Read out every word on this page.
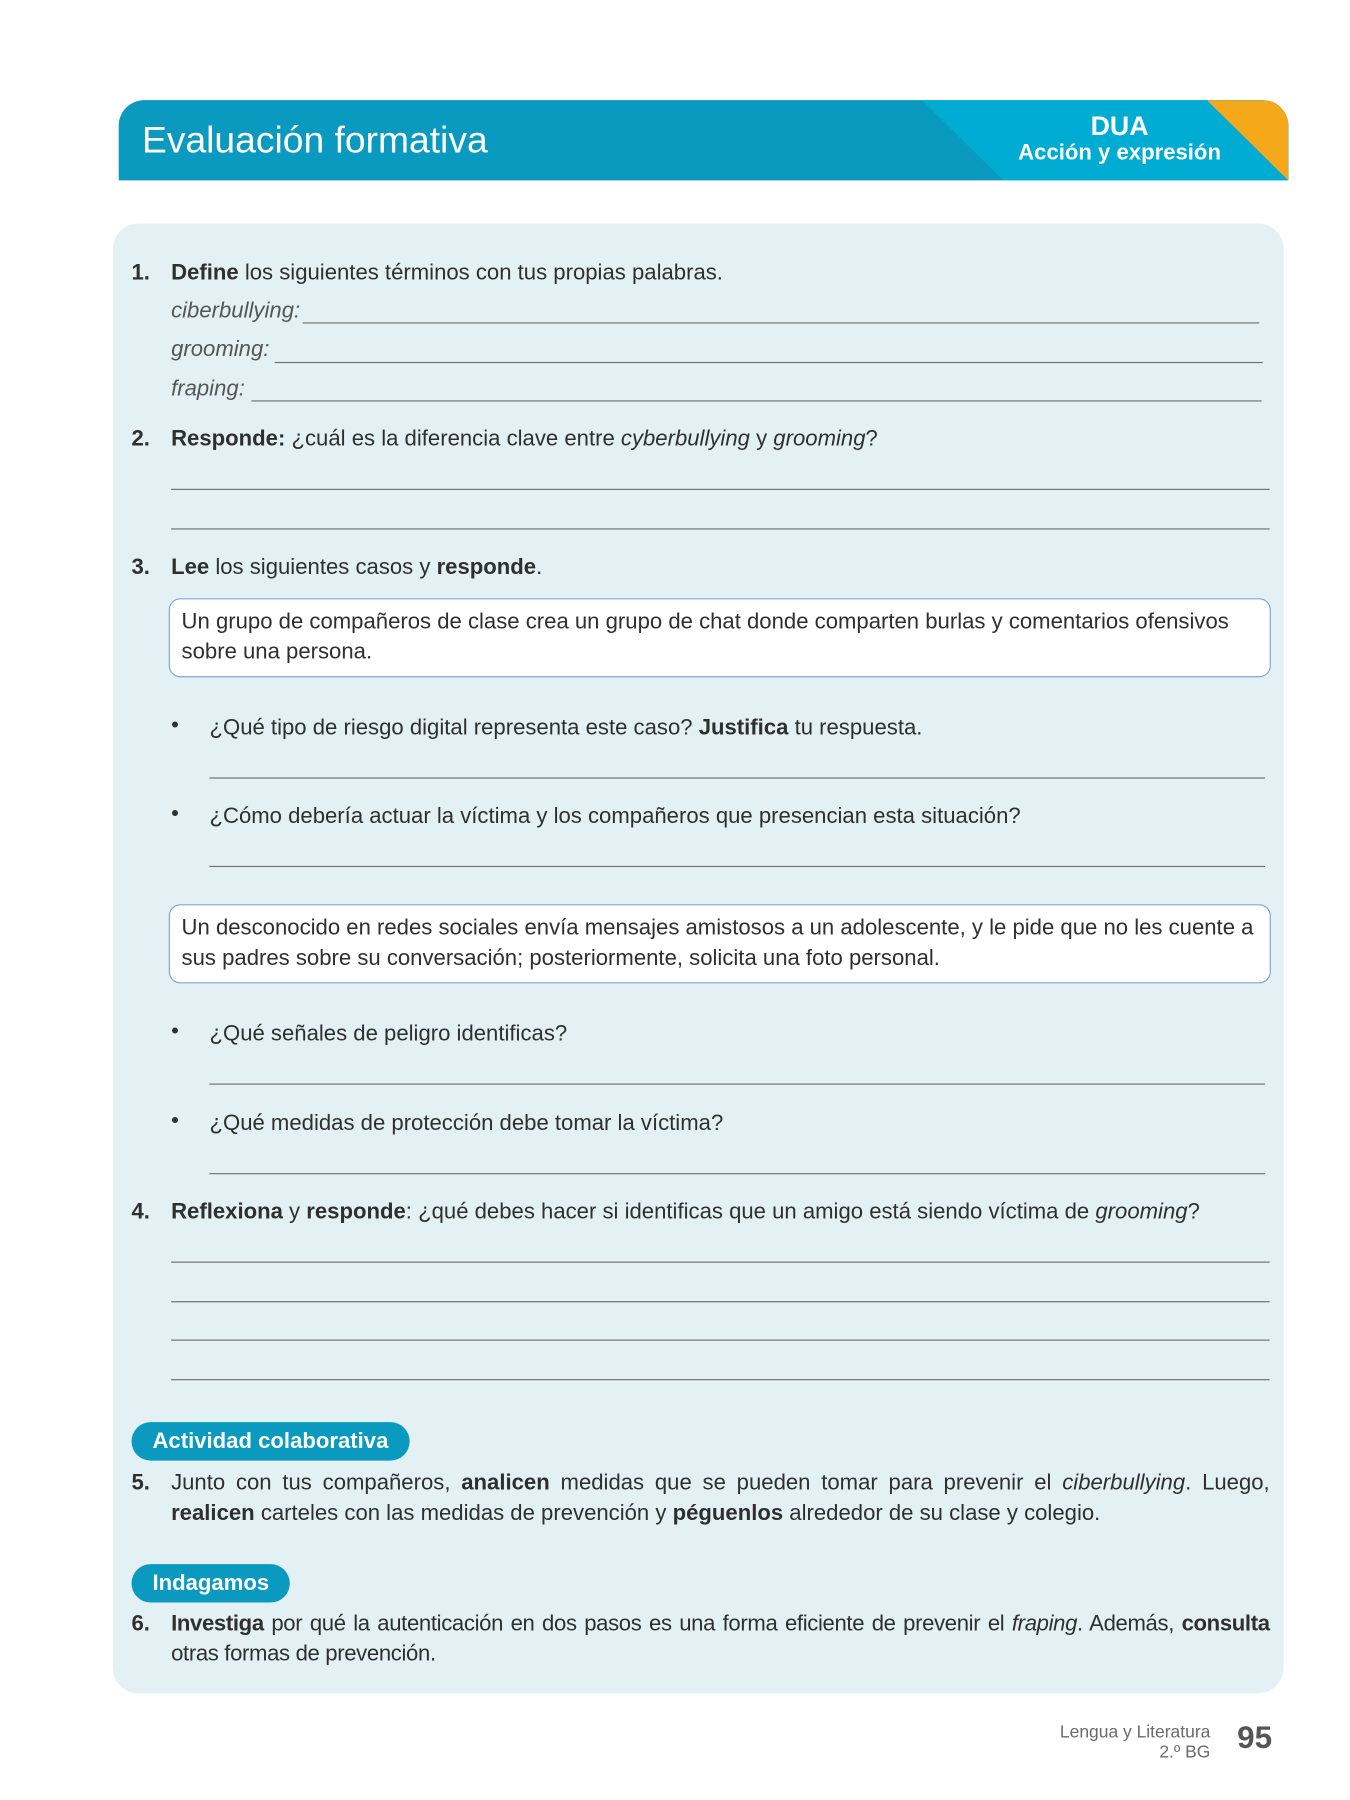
Evaluación formativa	DUA
Acción y expresión
1. Define los siguientes términos con tus propias palabras.
ciberbullying:
grooming:
fraping:
2. Responde: ¿cuál es la diferencia clave entre cyberbullying y grooming?
3. Lee los siguientes casos y responde.
Un grupo de compañeros de clase crea un grupo de chat donde comparten burlas y comentarios ofensivos sobre una persona.
• ¿Qué tipo de riesgo digital representa este caso? Justifica tu respuesta.
• ¿Cómo debería actuar la víctima y los compañeros que presencian esta situación?
Un desconocido en redes sociales envía mensajes amistosos a un adolescente, y le pide que no les cuente a sus padres sobre su conversación; posteriormente, solicita una foto personal.
• ¿Qué señales de peligro identificas?
• ¿Qué medidas de protección debe tomar la víctima?
4. Reflexiona y responde: ¿qué debes hacer si identificas que un amigo está siendo víctima de grooming?
Actividad colaborativa
5. Junto con tus compañeros, analicen medidas que se pueden tomar para prevenir el ciberbullying. Luego, realicen carteles con las medidas de prevención y péguenlos alrededor de su clase y colegio.
Indagamos
6. Investiga por qué la autenticación en dos pasos es una forma eficiente de prevenir el fraping. Además, consulta otras formas de prevención.
Lengua y Literatura
2.º BG 95
